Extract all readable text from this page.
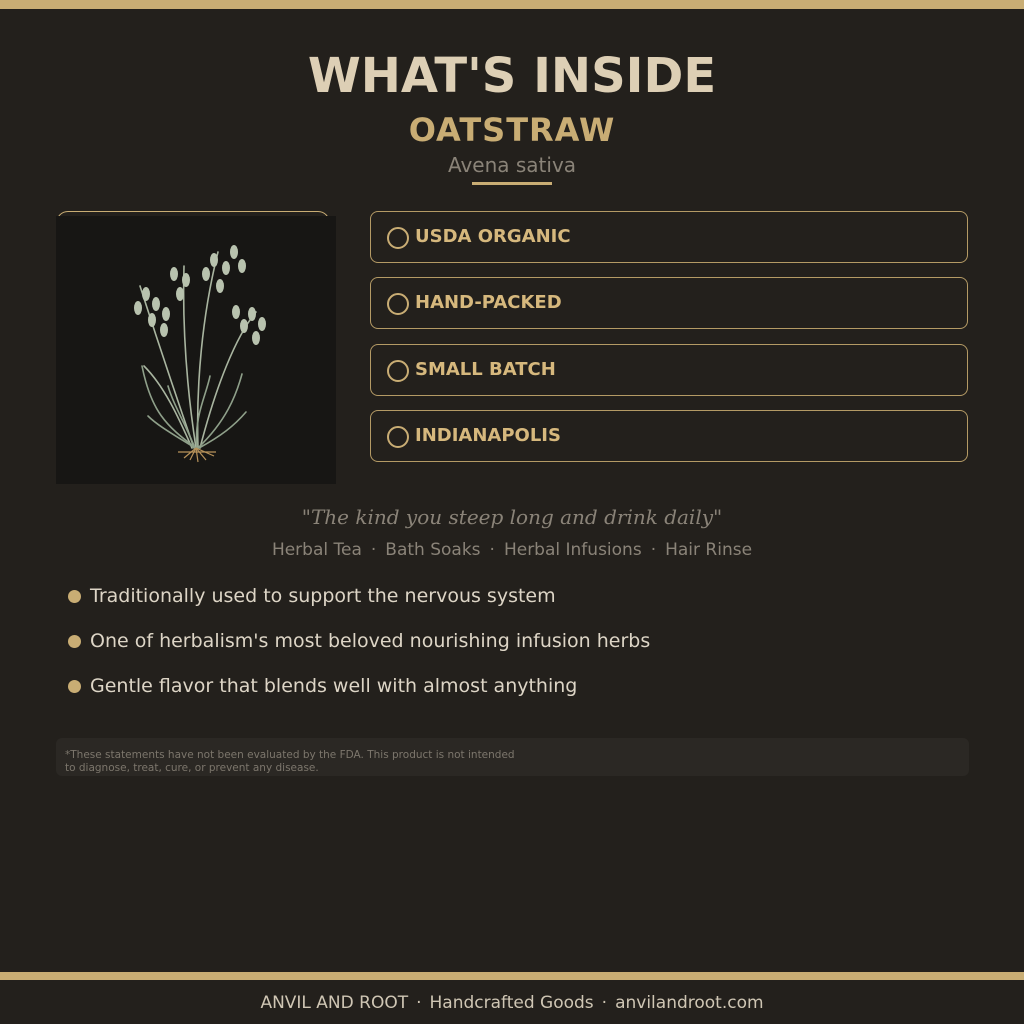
WHAT'S INSIDE
OATSTRAW
Avena sativa
USDA ORGANIC
HAND-PACKED
SMALL BATCH
INDIANAPOLIS
"The kind you steep long and drink daily"
Herbal Tea · Bath Soaks · Herbal Infusions · Hair Rinse
Traditionally used to support the nervous system
One of herbalism's most beloved nourishing infusion herbs
Gentle flavor that blends well with almost anything
*These statements have not been evaluated by the FDA. This product is not intended to diagnose, treat, cure, or prevent any disease.
ANVIL AND ROOT · Handcrafted Goods · anvilandroot.com
